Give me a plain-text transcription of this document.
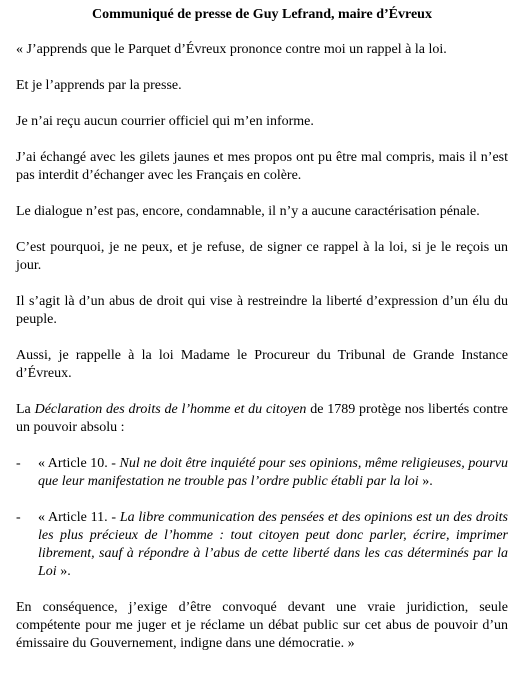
Communiqué de presse de Guy Lefrand, maire d’Évreux

« J’apprends que le Parquet d’Évreux prononce contre moi un rappel à la loi.

Et je l’apprends par la presse.

Je n’ai reçu aucun courrier officiel qui m’en informe.

J’ai échangé avec les gilets jaunes et mes propos ont pu être mal compris, mais il n’est pas interdit d’échanger avec les Français en colère.

Le dialogue n’est pas, encore, condamnable, il n’y a aucune caractérisation pénale.

C’est pourquoi, je ne peux, et je refuse, de signer ce rappel à la loi, si je le reçois un jour.

Il s’agit là d’un abus de droit qui vise à restreindre la liberté d’expression d’un élu du peuple.

Aussi, je rappelle à la loi Madame le Procureur du Tribunal de Grande Instance d’Évreux.

La Déclaration des droits de l’homme et du citoyen de 1789 protège nos libertés contre un pouvoir absolu :

-	« Article 10. - Nul ne doit être inquiété pour ses opinions, même religieuses, pourvu que leur manifestation ne trouble pas l’ordre public établi par la loi ».
-	« Article 11. - La libre communication des pensées et des opinions est un des droits les plus précieux de l’homme : tout citoyen peut donc parler, écrire, imprimer librement, sauf à répondre à l’abus de cette liberté dans les cas déterminés par la Loi ».

En conséquence, j’exige d’être convoqué devant une vraie juridiction, seule compétente pour me juger et je réclame un débat public sur cet abus de pouvoir d’un émissaire du Gouvernement, indigne dans une démocratie. »
